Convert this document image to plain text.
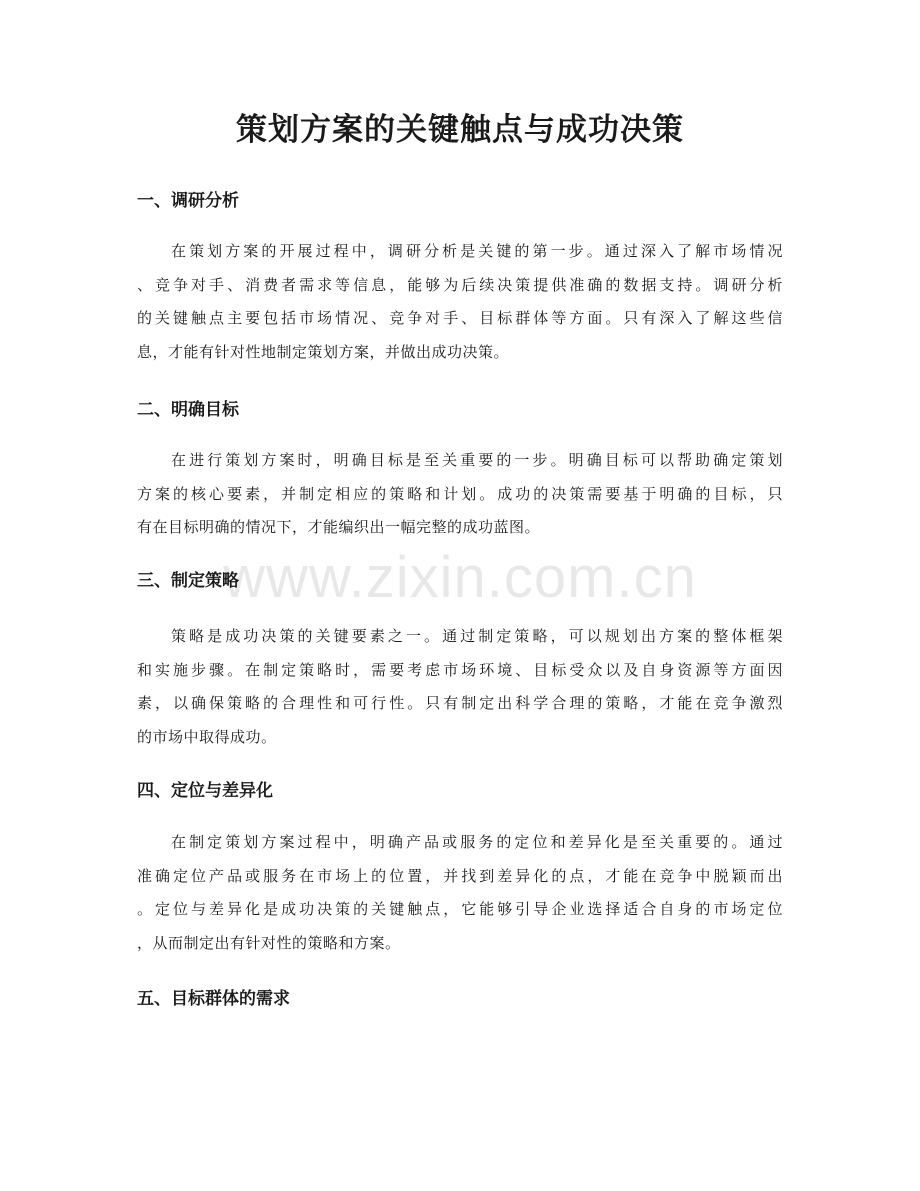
www.zixin.com.cn
策划方案的关键触点与成功决策
一、调研分析
在策划方案的开展过程中，调研分析是关键的第一步。通过深入了解市场情况
、竞争对手、消费者需求等信息，能够为后续决策提供准确的数据支持。调研分析
的关键触点主要包括市场情况、竞争对手、目标群体等方面。只有深入了解这些信
息，才能有针对性地制定策划方案，并做出成功决策。
二、明确目标
在进行策划方案时，明确目标是至关重要的一步。明确目标可以帮助确定策划
方案的核心要素，并制定相应的策略和计划。成功的决策需要基于明确的目标，只
有在目标明确的情况下，才能编织出一幅完整的成功蓝图。
三、制定策略
策略是成功决策的关键要素之一。通过制定策略，可以规划出方案的整体框架
和实施步骤。在制定策略时，需要考虑市场环境、目标受众以及自身资源等方面因
素，以确保策略的合理性和可行性。只有制定出科学合理的策略，才能在竞争激烈
的市场中取得成功。
四、定位与差异化
在制定策划方案过程中，明确产品或服务的定位和差异化是至关重要的。通过
准确定位产品或服务在市场上的位置，并找到差异化的点，才能在竞争中脱颖而出
。定位与差异化是成功决策的关键触点，它能够引导企业选择适合自身的市场定位
，从而制定出有针对性的策略和方案。
五、目标群体的需求
